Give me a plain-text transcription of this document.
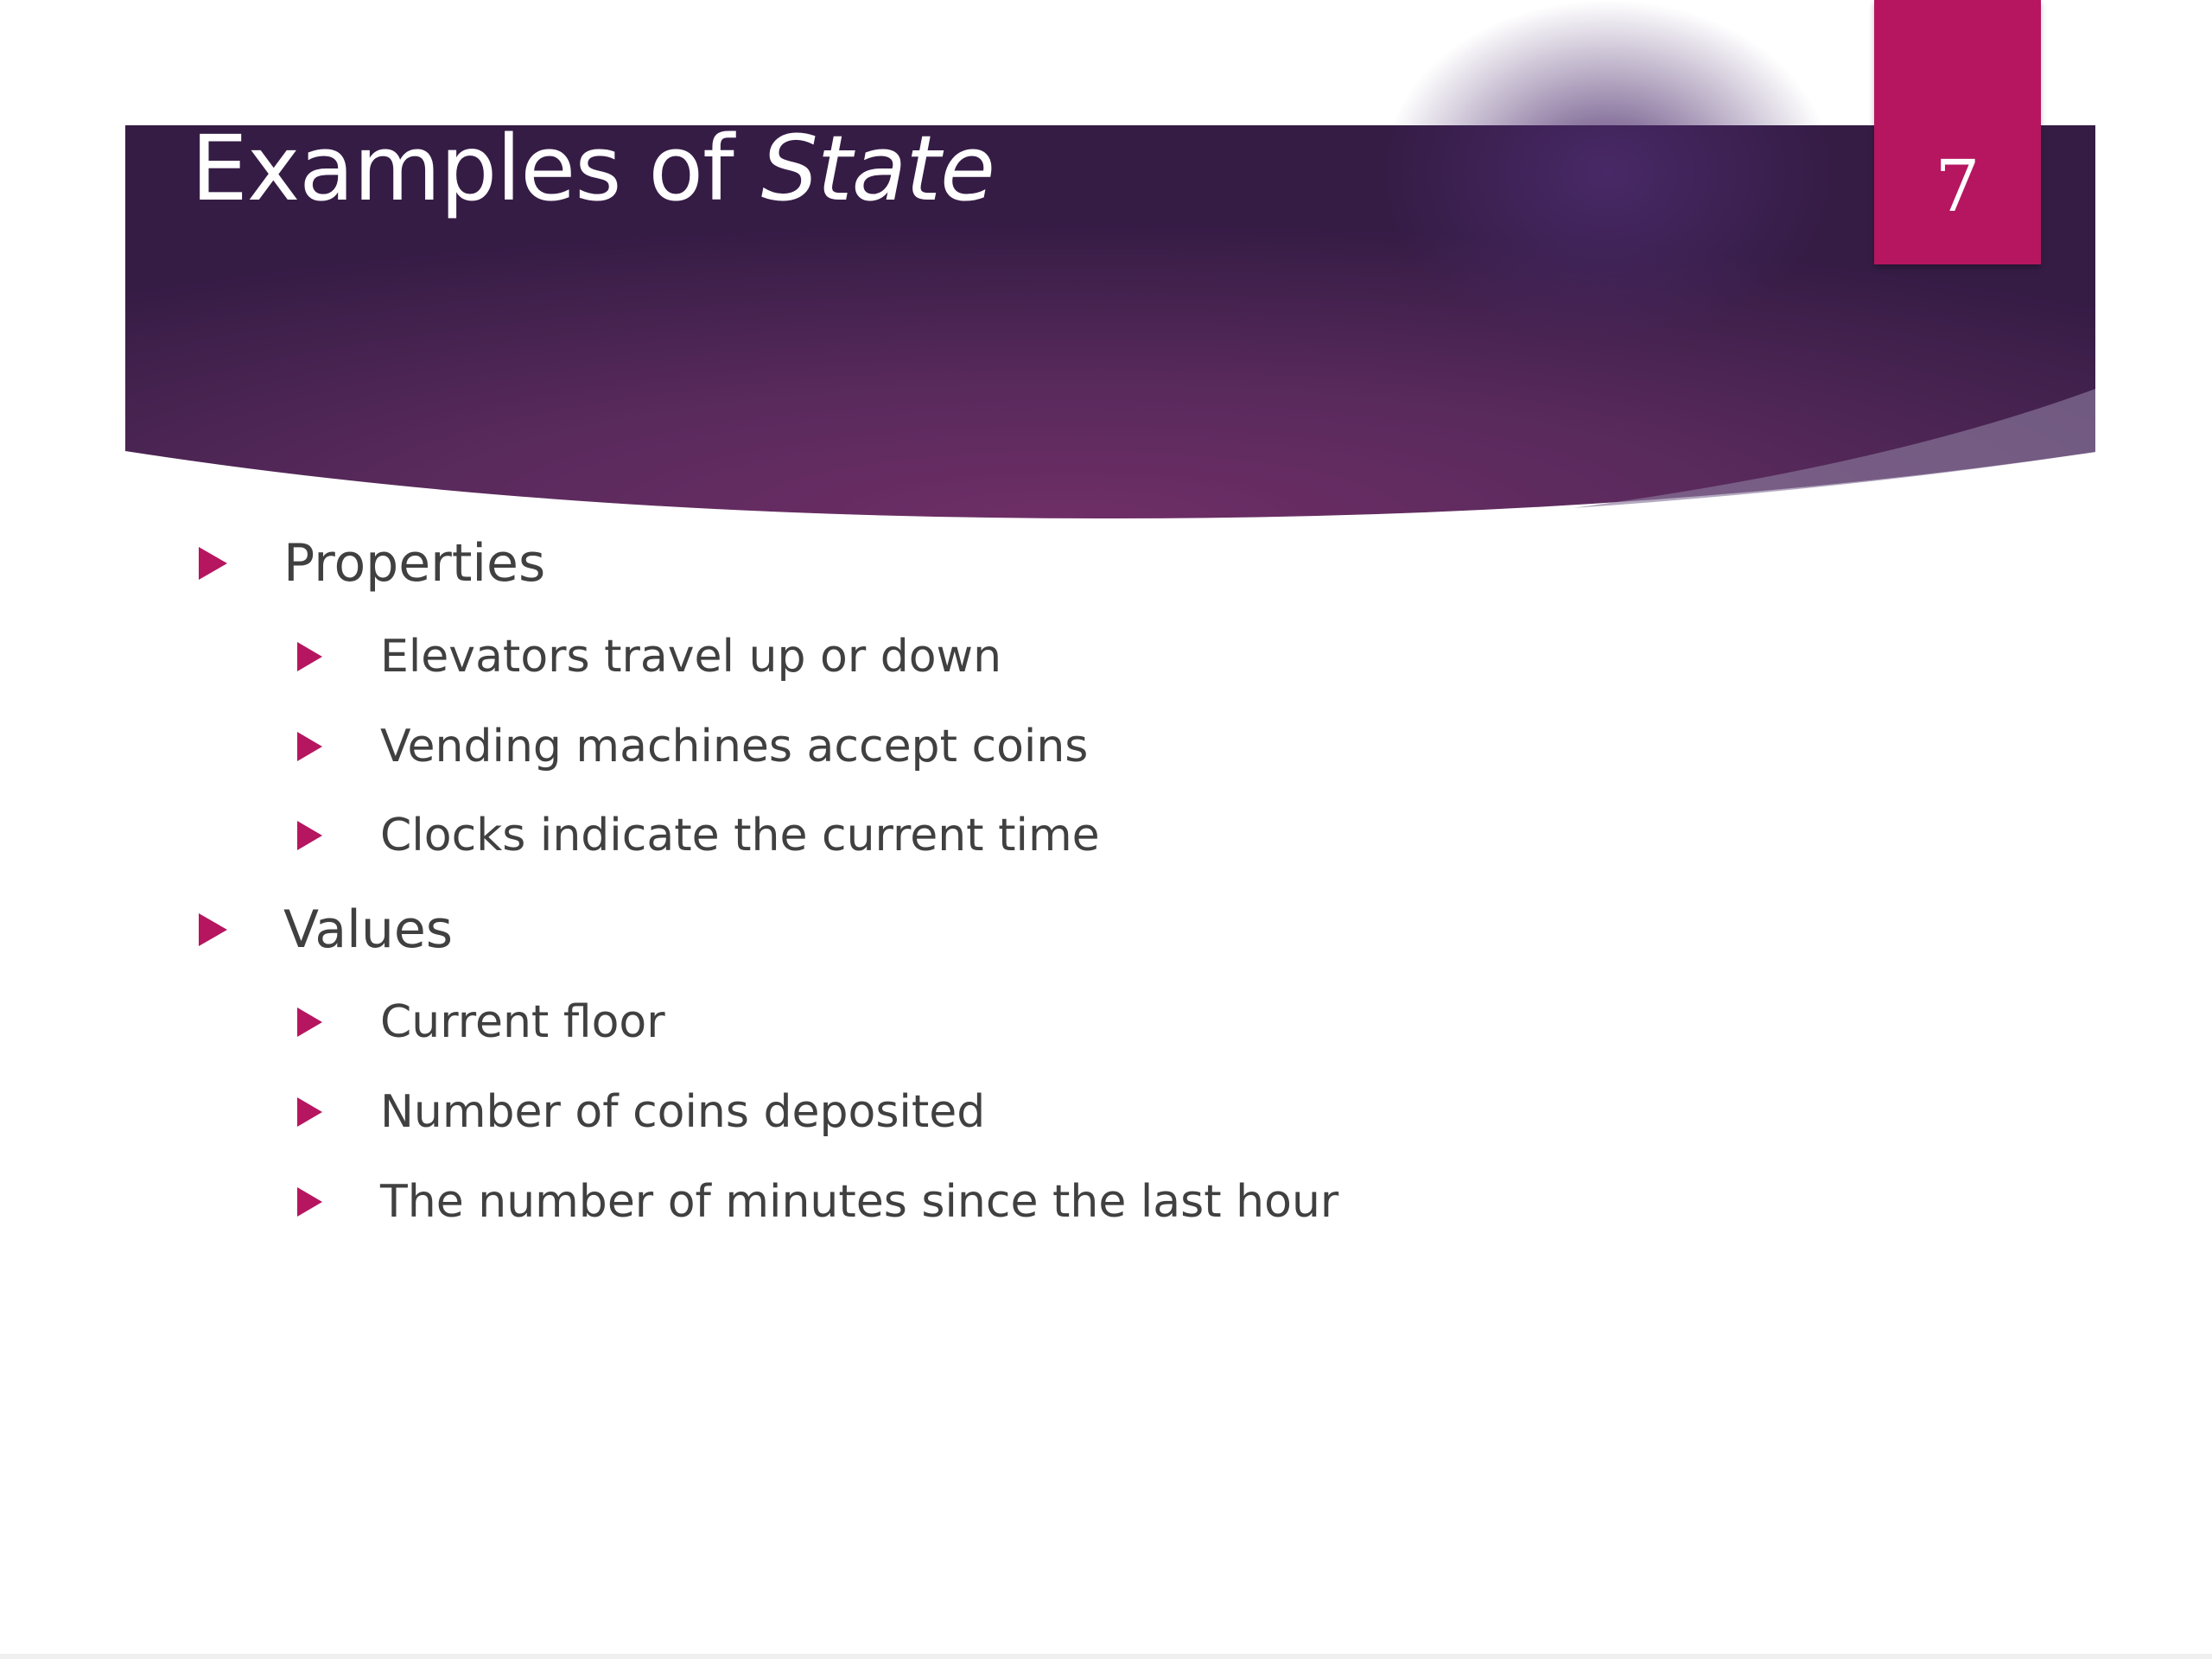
Examples of State	7
Properties
Elevators travel up or down
Vending machines accept coins
Clocks indicate the current time
Values
Current floor
Number of coins deposited
The number of minutes since the last hour
